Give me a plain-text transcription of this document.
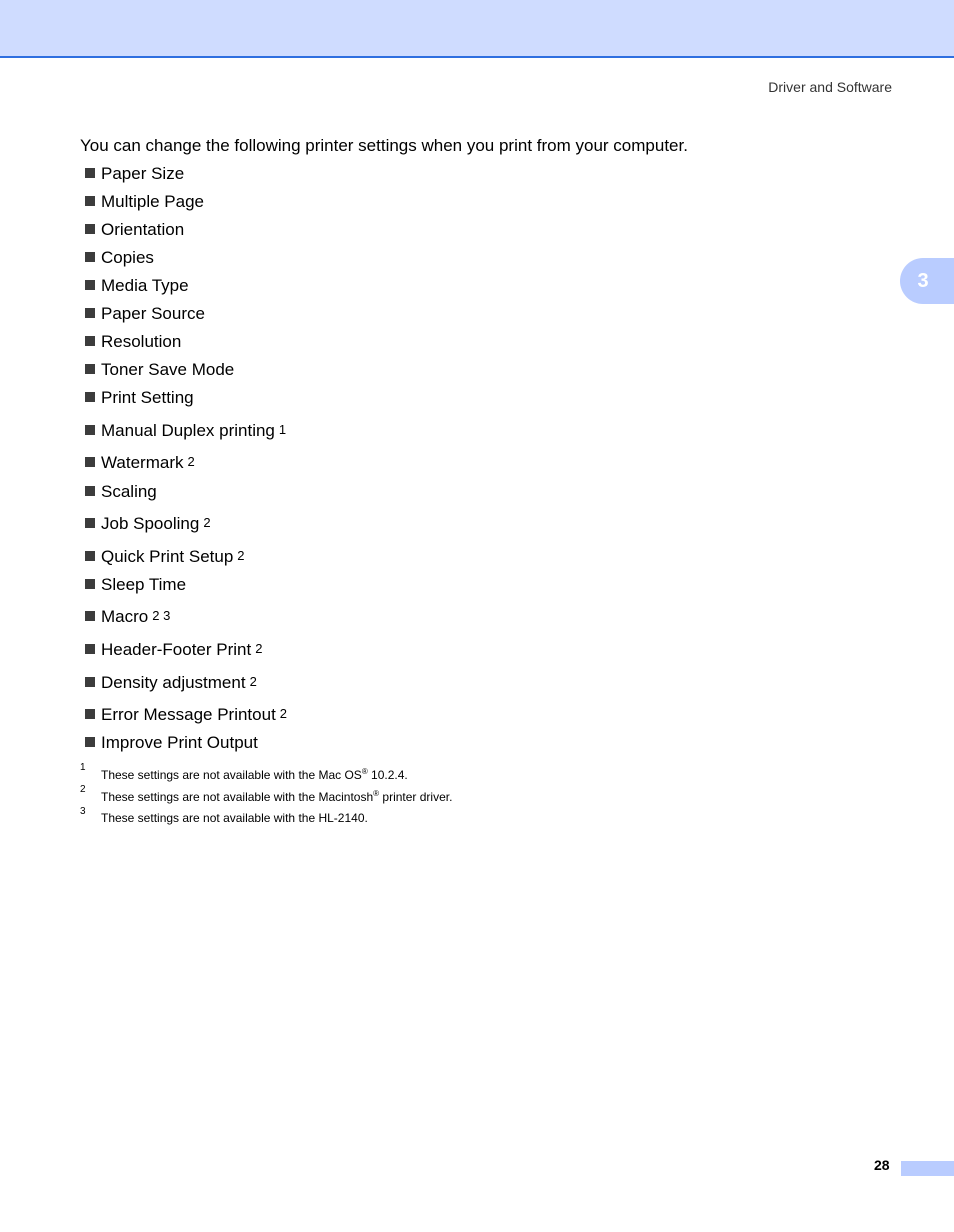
Driver and Software
3
You can change the following printer settings when you print from your computer.
Paper Size
Multiple Page
Orientation
Copies
Media Type
Paper Source
Resolution
Toner Save Mode
Print Setting
Manual Duplex printing $^1$
Watermark $^2$
Scaling
Job Spooling $^2$
Quick Print Setup $^2$
Sleep Time
Macro $^{2 3}$
Header-Footer Print $^2$
Density adjustment $^2$
Error Message Printout $^2$
Improve Print Output
1
These settings are not available with the Mac OS® 10.2.4.
2
These settings are not available with the Macintosh® printer driver.
3 These settings are not available with the HL-2140.
28
